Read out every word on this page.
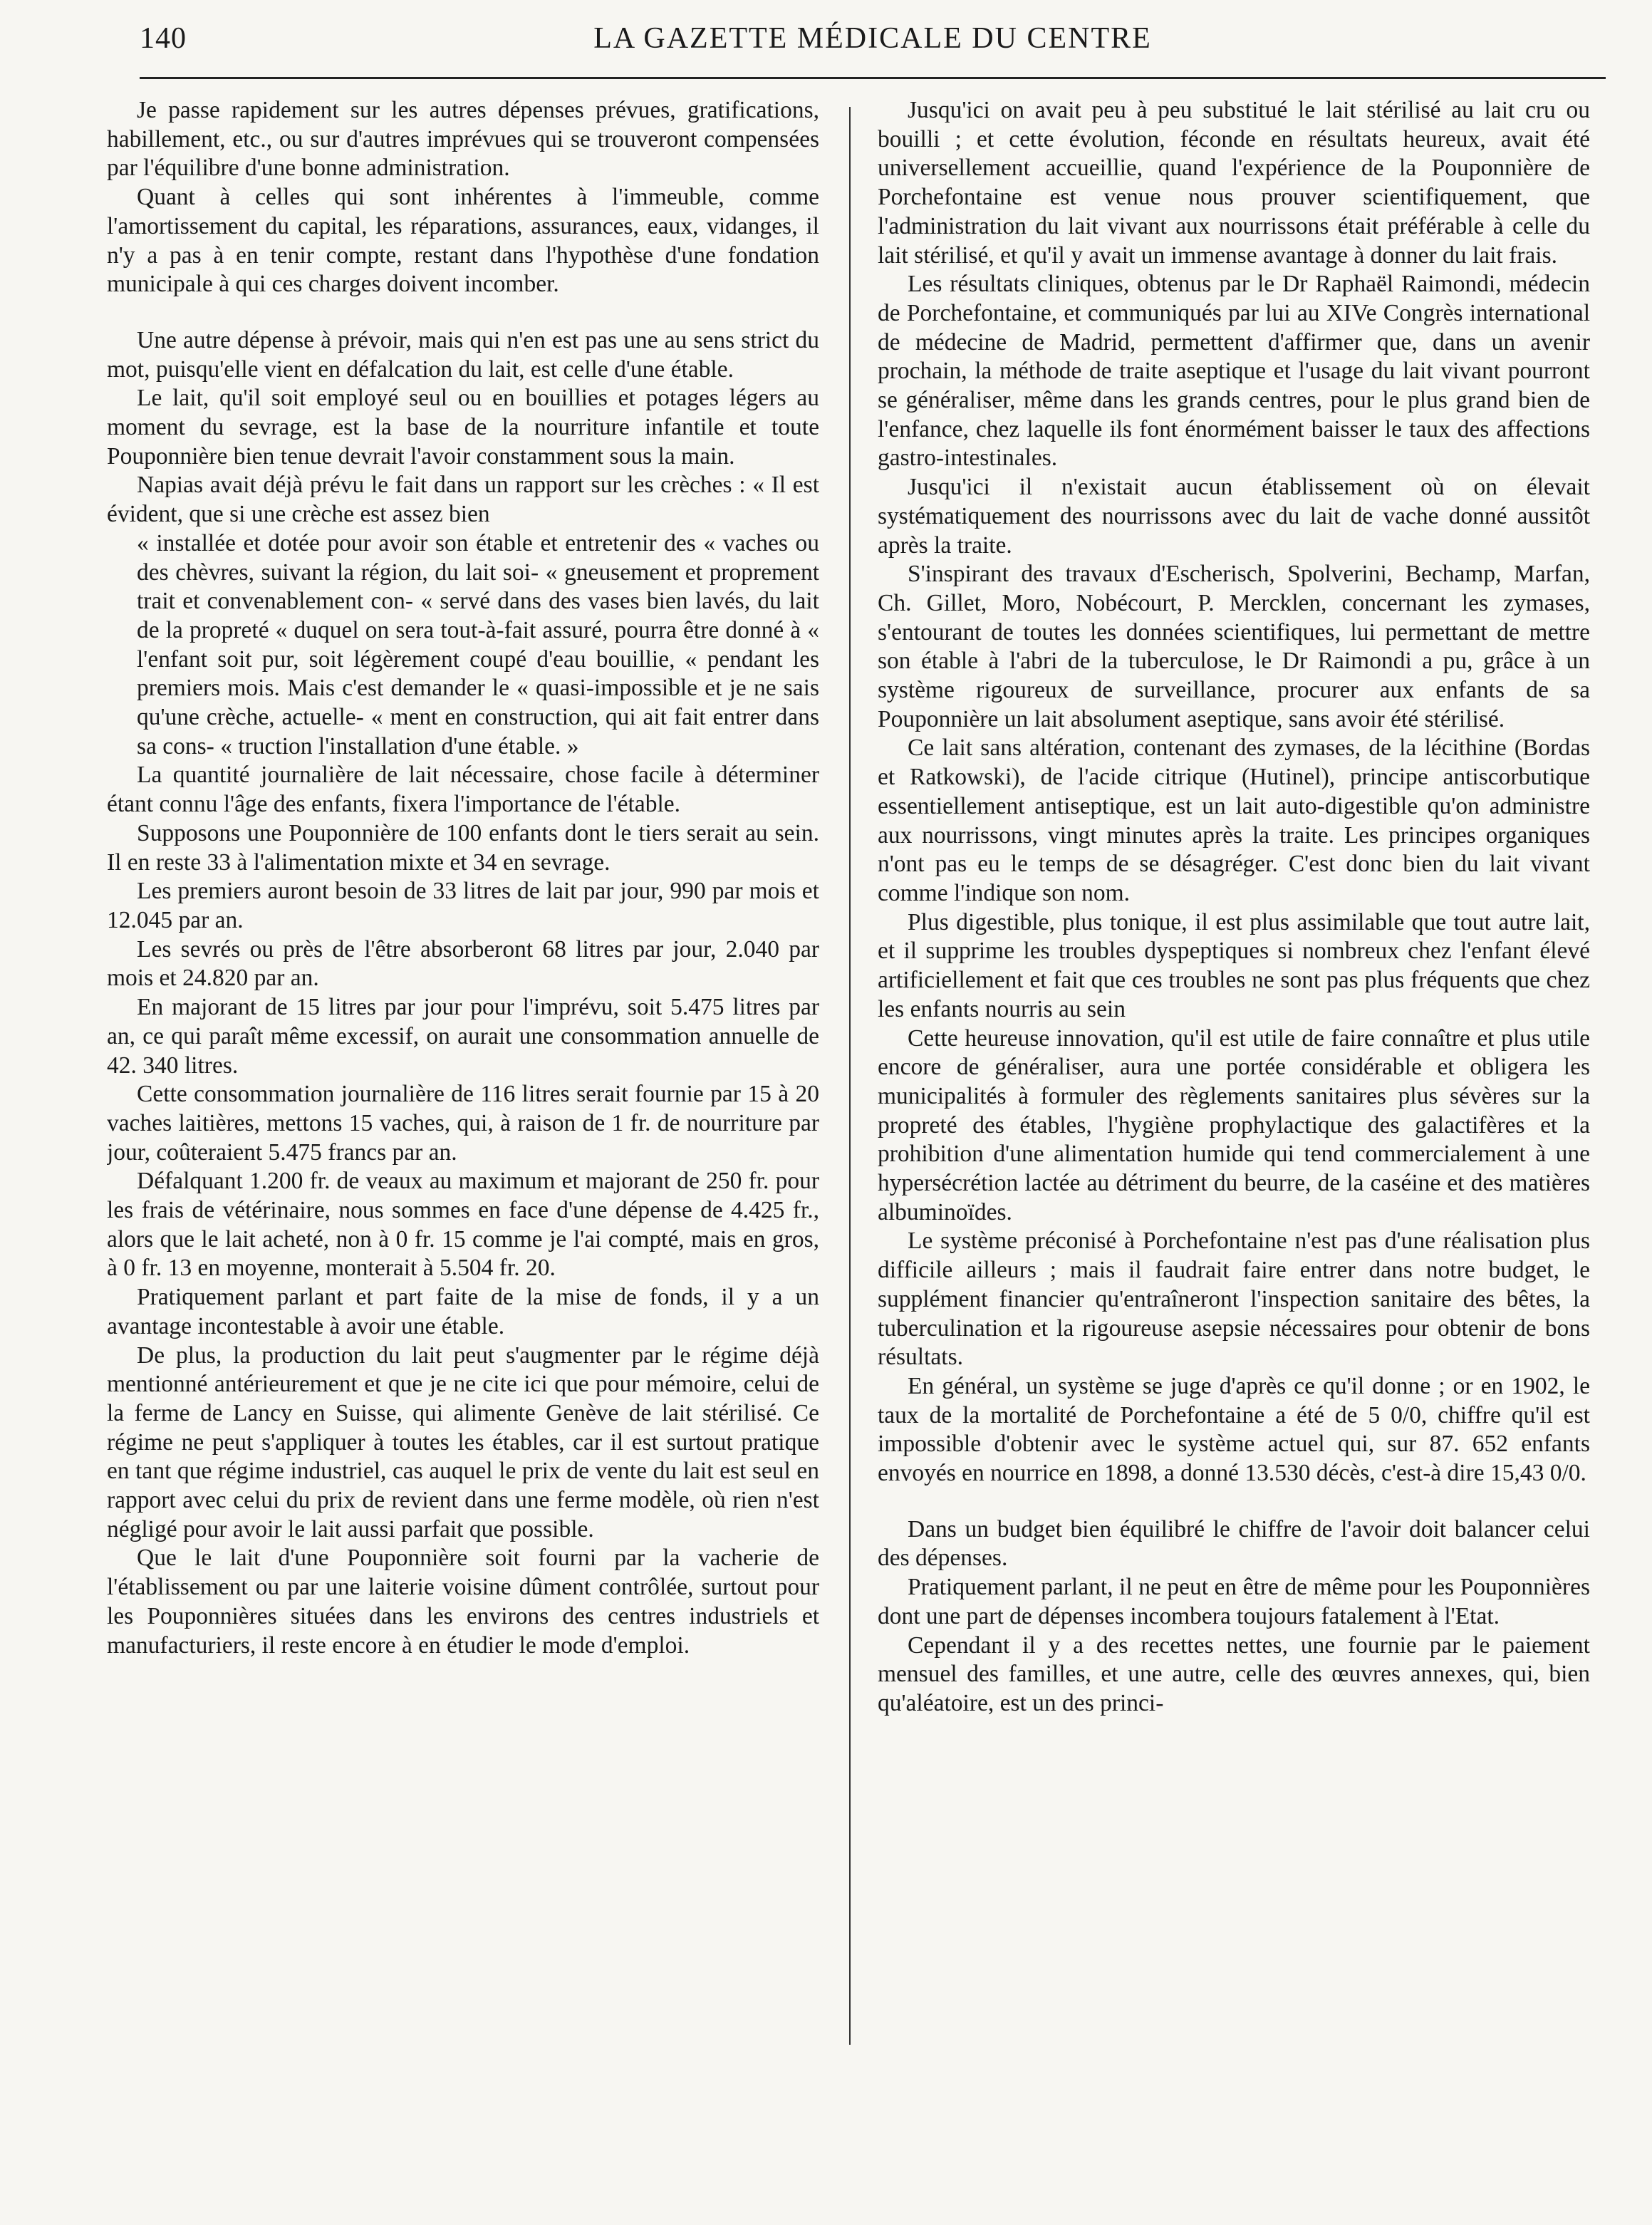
140	LA GAZETTE MÉDICALE DU CENTRE

Je passe rapidement sur les autres dépenses prévues, gratifications, habillement, etc., ou sur d'autres imprévues qui se trouveront compensées par l'équilibre d'une bonne administration.

Quant à celles qui sont inhérentes à l'immeuble, comme l'amortissement du capital, les réparations, assurances, eaux, vidanges, il n'y a pas à en tenir compte, restant dans l'hypothèse d'une fondation municipale à qui ces charges doivent incomber.

Une autre dépense à prévoir, mais qui n'en est pas une au sens strict du mot, puisqu'elle vient en défalcation du lait, est celle d'une étable.

Le lait, qu'il soit employé seul ou en bouillies et potages légers au moment du sevrage, est la base de la nourriture infantile et toute Pouponnière bien tenue devrait l'avoir constamment sous la main.

Napias avait déjà prévu le fait dans un rapport sur les crèches : « Il est évident, que si une crèche est assez bien

« installée et dotée pour avoir son étable et entretenir des « vaches ou des chèvres, suivant la région, du lait soi- « gneusement et proprement trait et convenablement con- « servé dans des vases bien lavés, du lait de la propreté « duquel on sera tout-à-fait assuré, pourra être donné à « l'enfant soit pur, soit légèrement coupé d'eau bouillie, « pendant les premiers mois. Mais c'est demander le « quasi-impossible et je ne sais qu'une crèche, actuelle- « ment en construction, qui ait fait entrer dans sa cons- « truction l'installation d'une étable. »

La quantité journalière de lait nécessaire, chose facile à déterminer étant connu l'âge des enfants, fixera l'importance de l'étable.

Supposons une Pouponnière de 100 enfants dont le tiers serait au sein. Il en reste 33 à l'alimentation mixte et 34 en sevrage.

Les premiers auront besoin de 33 litres de lait par jour, 990 par mois et 12.045 par an.

Les sevrés ou près de l'être absorberont 68 litres par jour, 2.040 par mois et 24.820 par an.

En majorant de 15 litres par jour pour l'imprévu, soit 5.475 litres par an, ce qui paraît même excessif, on aurait une consommation annuelle de 42. 340 litres.

Cette consommation journalière de 116 litres serait fournie par 15 à 20 vaches laitières, mettons 15 vaches, qui, à raison de 1 fr. de nourriture par jour, coûteraient 5.475 francs par an.

Défalquant 1.200 fr. de veaux au maximum et majorant de 250 fr. pour les frais de vétérinaire, nous sommes en face d'une dépense de 4.425 fr., alors que le lait acheté, non à 0 fr. 15 comme je l'ai compté, mais en gros, à 0 fr. 13 en moyenne, monterait à 5.504 fr. 20.

Pratiquement parlant et part faite de la mise de fonds, il y a un avantage incontestable à avoir une étable.

De plus, la production du lait peut s'augmenter par le régime déjà mentionné antérieurement et que je ne cite ici que pour mémoire, celui de la ferme de Lancy en Suisse, qui alimente Genève de lait stérilisé. Ce régime ne peut s'appliquer à toutes les étables, car il est surtout pratique en tant que régime industriel, cas auquel le prix de vente du lait est seul en rapport avec celui du prix de revient dans une ferme modèle, où rien n'est négligé pour avoir le lait aussi parfait que possible.

Que le lait d'une Pouponnière soit fourni par la vacherie de l'établissement ou par une laiterie voisine dûment contrôlée, surtout pour les Pouponnières situées dans les environs des centres industriels et manufacturiers, il reste encore à en étudier le mode d'emploi.

Jusqu'ici on avait peu à peu substitué le lait stérilisé au lait cru ou bouilli ; et cette évolution, féconde en résultats heureux, avait été universellement accueillie, quand l'expérience de la Pouponnière de Porchefontaine est venue nous prouver scientifiquement, que l'administration du lait vivant aux nourrissons était préférable à celle du lait stérilisé, et qu'il y avait un immense avantage à donner du lait frais.

Les résultats cliniques, obtenus par le Dr Raphaël Raimondi, médecin de Porchefontaine, et communiqués par lui au XIVe Congrès international de médecine de Madrid, permettent d'affirmer que, dans un avenir prochain, la méthode de traite aseptique et l'usage du lait vivant pourront se généraliser, même dans les grands centres, pour le plus grand bien de l'enfance, chez laquelle ils font énormément baisser le taux des affections gastro-intestinales.

Jusqu'ici il n'existait aucun établissement où on élevait systématiquement des nourrissons avec du lait de vache donné aussitôt après la traite.

S'inspirant des travaux d'Escherisch, Spolverini, Bechamp, Marfan, Ch. Gillet, Moro, Nobécourt, P. Mercklen, concernant les zymases, s'entourant de toutes les données scientifiques, lui permettant de mettre son étable à l'abri de la tuberculose, le Dr Raimondi a pu, grâce à un système rigoureux de surveillance, procurer aux enfants de sa Pouponnière un lait absolument aseptique, sans avoir été stérilisé.

Ce lait sans altération, contenant des zymases, de la lécithine (Bordas et Ratkowski), de l'acide citrique (Hutinel), principe antiscorbutique essentiellement antiseptique, est un lait auto-digestible qu'on administre aux nourrissons, vingt minutes après la traite. Les principes organiques n'ont pas eu le temps de se désagréger. C'est donc bien du lait vivant comme l'indique son nom.

Plus digestible, plus tonique, il est plus assimilable que tout autre lait, et il supprime les troubles dyspeptiques si nombreux chez l'enfant élevé artificiellement et fait que ces troubles ne sont pas plus fréquents que chez les enfants nourris au sein

Cette heureuse innovation, qu'il est utile de faire connaître et plus utile encore de généraliser, aura une portée considérable et obligera les municipalités à formuler des règlements sanitaires plus sévères sur la propreté des étables, l'hygiène prophylactique des galactifères et la prohibition d'une alimentation humide qui tend commercialement à une hypersécrétion lactée au détriment du beurre, de la caséine et des matières albuminoïdes.

Le système préconisé à Porchefontaine n'est pas d'une réalisation plus difficile ailleurs ; mais il faudrait faire entrer dans notre budget, le supplément financier qu'entraîneront l'inspection sanitaire des bêtes, la tuberculination et la rigoureuse asepsie nécessaires pour obtenir de bons résultats.

En général, un système se juge d'après ce qu'il donne ; or en 1902, le taux de la mortalité de Porchefontaine a été de 5 0/0, chiffre qu'il est impossible d'obtenir avec le système actuel qui, sur 87. 652 enfants envoyés en nourrice en 1898, a donné 13.530 décès, c'est-à dire 15,43 0/0.

Dans un budget bien équilibré le chiffre de l'avoir doit balancer celui des dépenses.

Pratiquement parlant, il ne peut en être de même pour les Pouponnières dont une part de dépenses incombera toujours fatalement à l'Etat.

Cependant il y a des recettes nettes, une fournie par le paiement mensuel des familles, et une autre, celle des œuvres annexes, qui, bien qu'aléatoire, est un des princi-
